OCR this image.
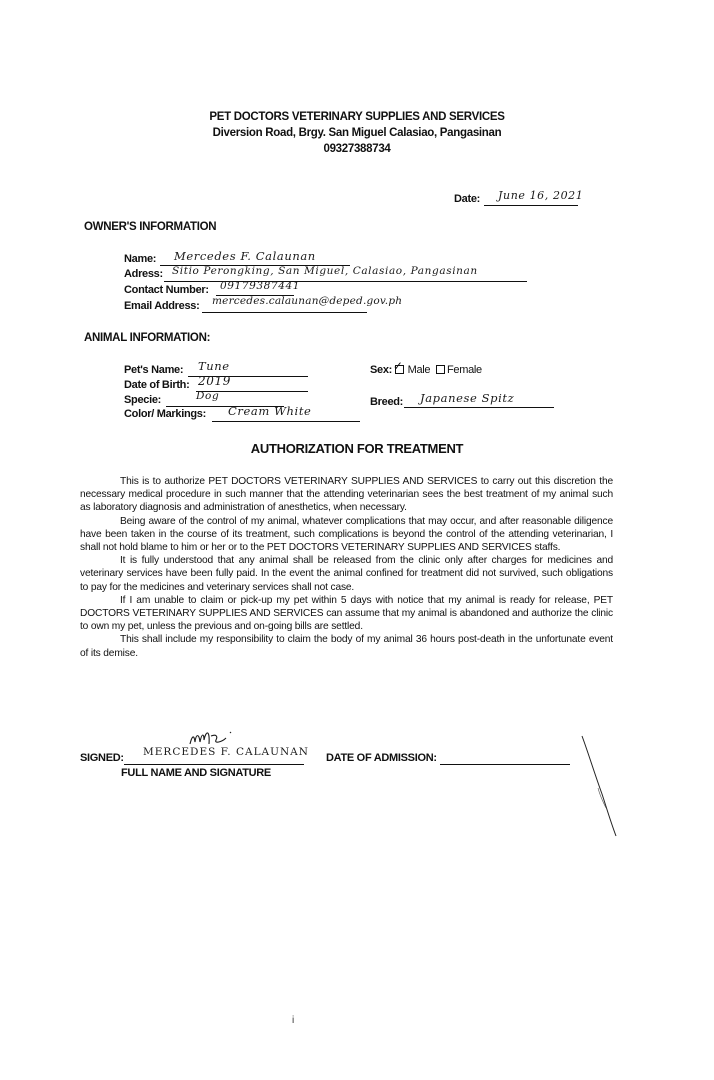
PET DOCTORS VETERINARY SUPPLIES AND SERVICES
Diversion Road, Brgy. San Miguel Calasiao, Pangasinan
09327388734
Date: June 16, 2021
OWNER'S INFORMATION
Name: Mercedes F. Calaunan
Adress: Sitio Perongking, San Miguel, Calasiao, Pangasinan
Contact Number: 09179387441
Email Address: mercedes.calaunan@deped.gov.ph
ANIMAL INFORMATION:
Pet's Name: Tune
Date of Birth: 2019
Specie:	Dog
Color/ Markings: Cream White
Sex: ✓ Male Female
Breed: Japanese Spitz
AUTHORIZATION FOR TREATMENT

This is to authorize PET DOCTORS VETERINARY SUPPLIES AND SERVICES to carry out this discretion the necessary medical procedure in such manner that the attending veterinarian sees the best treatment of my animal such as laboratory diagnosis and administration of anesthetics, when necessary.

Being aware of the control of my animal, whatever complications that may occur, and after reasonable diligence have been taken in the course of its treatment, such complications is beyond the control of the attending veterinarian, I shall not hold blame to him or her or to the PET DOCTORS VETERINARY SUPPLIES AND SERVICES staffs.

It is fully understood that any animal shall be released from the clinic only after charges for medicines and veterinary services have been fully paid. In the event the animal confined for treatment did not survived, such obligations to pay for the medicines and veterinary services shall not case.

If I am unable to claim or pick-up my pet within 5 days with notice that my animal is ready for release, PET DOCTORS VETERINARY SUPPLIES AND SERVICES can assume that my animal is abandoned and authorize the clinic to own my pet, unless the previous and on-going bills are settled.

This shall include my responsibility to claim the body of my animal 36 hours post-death in the unfortunate event of its demise.

SIGNED: MERCEDES F. CALAUNAN
FULL NAME AND SIGNATURE
DATE OF ADMISSION:
i
